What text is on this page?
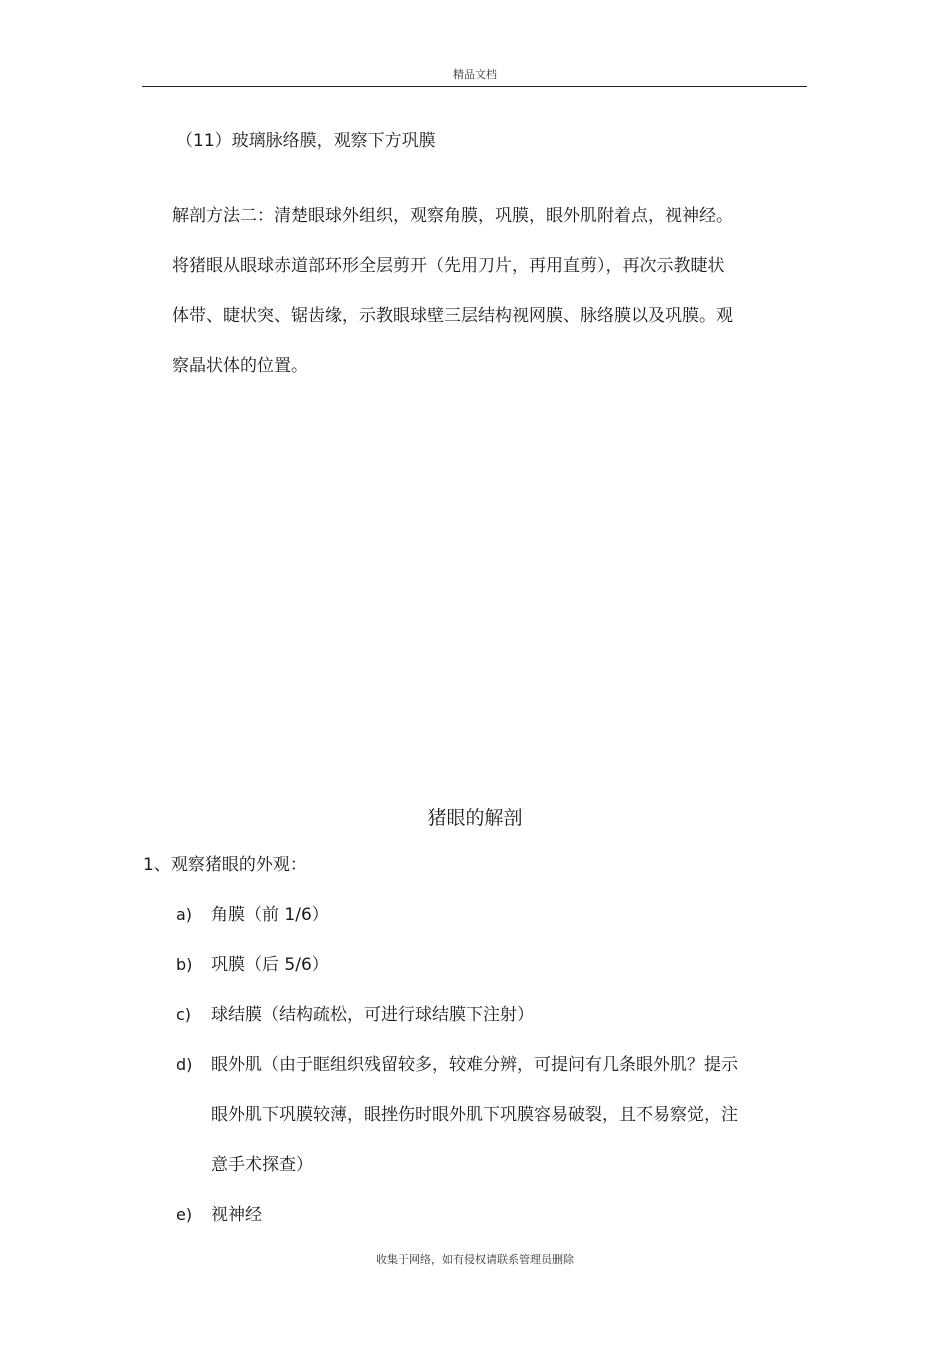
精品文档
（11）玻璃脉络膜，观察下方巩膜
解剖方法二：清楚眼球外组织，观察角膜，巩膜，眼外肌附着点，视神经。
将猪眼从眼球赤道部环形全层剪开（先用刀片，再用直剪），再次示教睫状
体带、睫状突、锯齿缘，示教眼球壁三层结构视网膜、脉络膜以及巩膜。观
察晶状体的位置。
猪眼的解剖
1、观察猪眼的外观：
a) 角膜（前 1/6）
b) 巩膜（后 5/6）
c) 球结膜（结构疏松，可进行球结膜下注射）
d) 眼外肌（由于眶组织残留较多，较难分辨，可提问有几条眼外肌？提示
眼外肌下巩膜较薄，眼挫伤时眼外肌下巩膜容易破裂，且不易察觉，注
意手术探查）
e) 视神经
收集于网络，如有侵权请联系管理员删除
